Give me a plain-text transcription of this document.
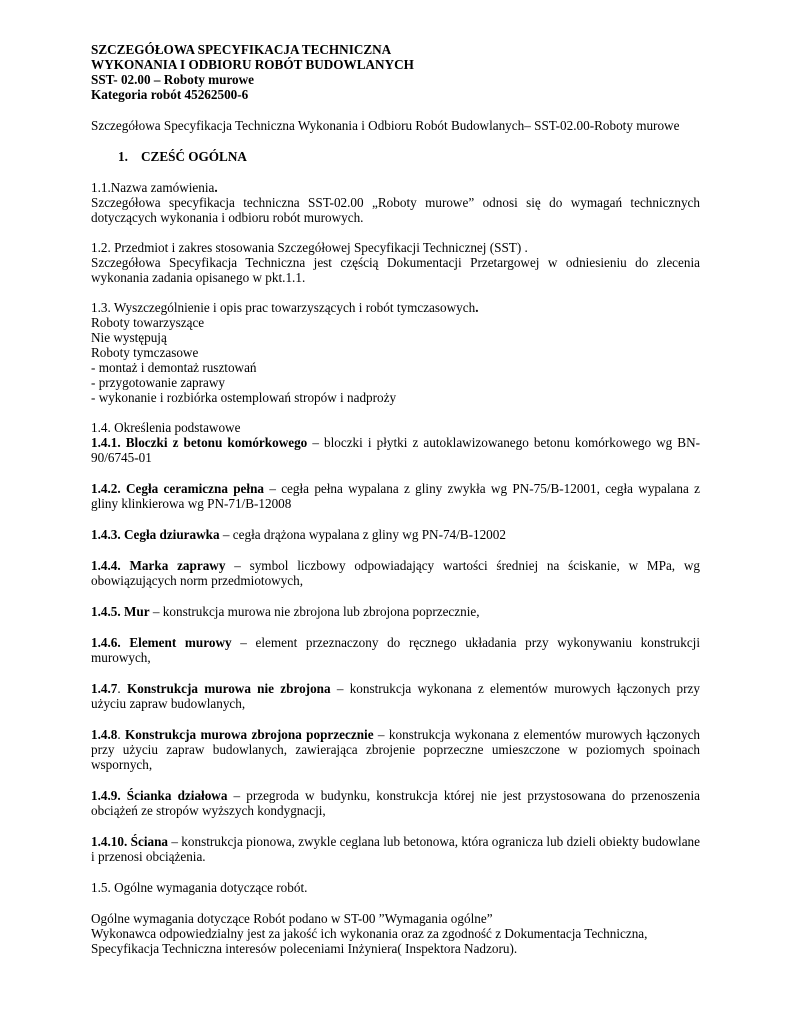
SZCZEGÓŁOWA SPECYFIKACJA TECHNICZNA
WYKONANIA I ODBIORU ROBÓT BUDOWLANYCH
SST- 02.00 – Roboty murowe
Kategoria robót 45262500-6

Szczegółowa Specyfikacja Techniczna Wykonania i Odbioru Robót Budowlanych– SST-02.00-Roboty murowe

1. CZEŚĆ OGÓLNA

1.1.Nazwa zamówienia.

Szczegółowa specyfikacja techniczna SST-02.00 „Roboty murowe” odnosi się do wymagań technicznych dotyczących wykonania i odbioru robót murowych.

1.2. Przedmiot i zakres stosowania Szczegółowej Specyfikacji Technicznej (SST) .

Szczegółowa Specyfikacja Techniczna jest częścią Dokumentacji Przetargowej w odniesieniu do zlecenia wykonania zadania opisanego w pkt.1.1.

1.3. Wyszczególnienie i opis prac towarzyszących i robót tymczasowych.

Roboty towarzyszące

Nie występują

Roboty tymczasowe

- montaż i demontaż rusztowań

- przygotowanie zaprawy

- wykonanie i rozbiórka ostemplowań stropów i nadproży

1.4. Określenia podstawowe

1.4.1. Bloczki z betonu komórkowego – bloczki i płytki z autoklawizowanego betonu komórkowego wg BN-90/6745-01

1.4.2. Cegła ceramiczna pełna – cegła pełna wypalana z gliny zwykła wg PN-75/B-12001, cegła wypalana z gliny klinkierowa wg PN-71/B-12008

1.4.3. Cegła dziurawka – cegła drążona wypalana z gliny wg PN-74/B-12002

1.4.4. Marka zaprawy – symbol liczbowy odpowiadający wartości średniej na ściskanie, w MPa, wg obowiązujących norm przedmiotowych,

1.4.5. Mur – konstrukcja murowa nie zbrojona lub zbrojona poprzecznie,

1.4.6. Element murowy – element przeznaczony do ręcznego układania przy wykonywaniu konstrukcji murowych,

1.4.7. Konstrukcja murowa nie zbrojona – konstrukcja wykonana z elementów murowych łączonych przy użyciu zapraw budowlanych,

1.4.8. Konstrukcja murowa zbrojona poprzecznie – konstrukcja wykonana z elementów murowych łączonych przy użyciu zapraw budowlanych, zawierająca zbrojenie poprzeczne umieszczone w poziomych spoinach wspornych,

1.4.9. Ścianka działowa – przegroda w budynku, konstrukcja której nie jest przystosowana do przenoszenia obciążeń ze stropów wyższych kondygnacji,

1.4.10. Ściana – konstrukcja pionowa, zwykle ceglana lub betonowa, która ogranicza lub dzieli obiekty budowlane i przenosi obciążenia.

1.5. Ogólne wymagania dotyczące robót.

Ogólne wymagania dotyczące Robót podano w ST-00 ”Wymagania ogólne”

Wykonawca odpowiedzialny jest za jakość ich wykonania oraz za zgodność z Dokumentacja Techniczna,

Specyfikacja Techniczna interesów poleceniami Inżyniera( Inspektora Nadzoru).
